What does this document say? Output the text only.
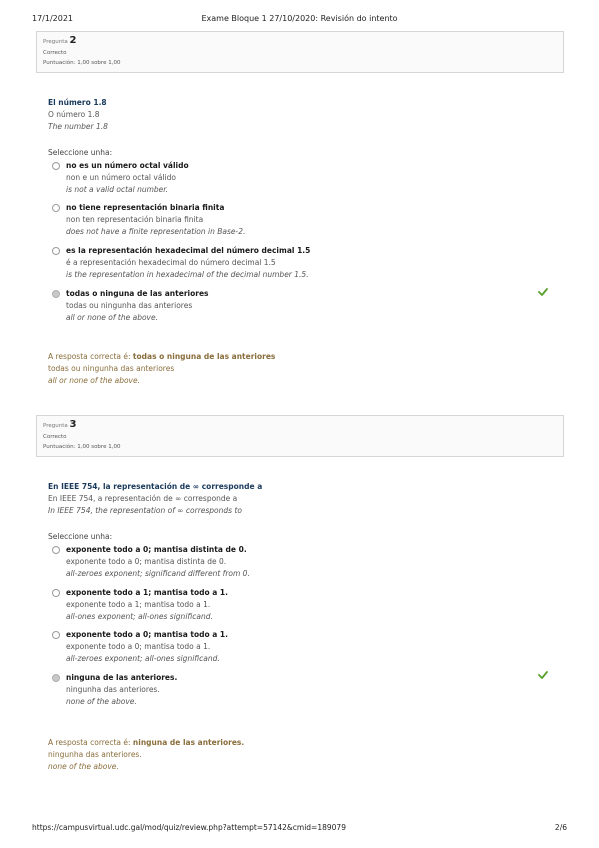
17/1/2021	Exame Bloque 1 27/10/2020: Revisión do intento
Pregunta 2
Correcto
Puntuación: 1,00 sobre 1,00
El número 1.8
O número 1.8
The number 1.8
Seleccione unha:
no es un número octal válido
non e un número octal válido
is not a valid octal number.
no tiene representación binaria finita
non ten representación binaria finita
does not have a finite representation in Base-2.
es la representación hexadecimal del número decimal 1.5
é a representación hexadecimal do número decimal 1.5
is the representation in hexadecimal of the decimal number 1.5.
todas o ninguna de las anteriores
todas ou ningunha das anteriores
all or none of the above.
A resposta correcta é: todas o ninguna de las anteriores
todas ou ningunha das anteriores
all or none of the above.
Pregunta 3
Correcto
Puntuación: 1,00 sobre 1,00
En IEEE 754, la representación de ∞ corresponde a
En IEEE 754, a representación de ∞ corresponde a
In IEEE 754, the representation of ∞ corresponds to
Seleccione unha:
exponente todo a 0; mantisa distinta de 0.
exponente todo a 0; mantisa distinta de 0.
all-zeroes exponent; significand different from 0.
exponente todo a 1; mantisa todo a 1.
exponente todo a 1; mantisa todo a 1.
all-ones exponent; all-ones significand.
exponente todo a 0; mantisa todo a 1.
exponente todo a 0; mantisa todo a 1.
all-zeroes exponent; all-ones significand.
ninguna de las anteriores.
ningunha das anteriores.
none of the above.
A resposta correcta é: ninguna de las anteriores.
ningunha das anteriores.
none of the above.
https://campusvirtual.udc.gal/mod/quiz/review.php?attempt=57142&cmid=189079	2/6
